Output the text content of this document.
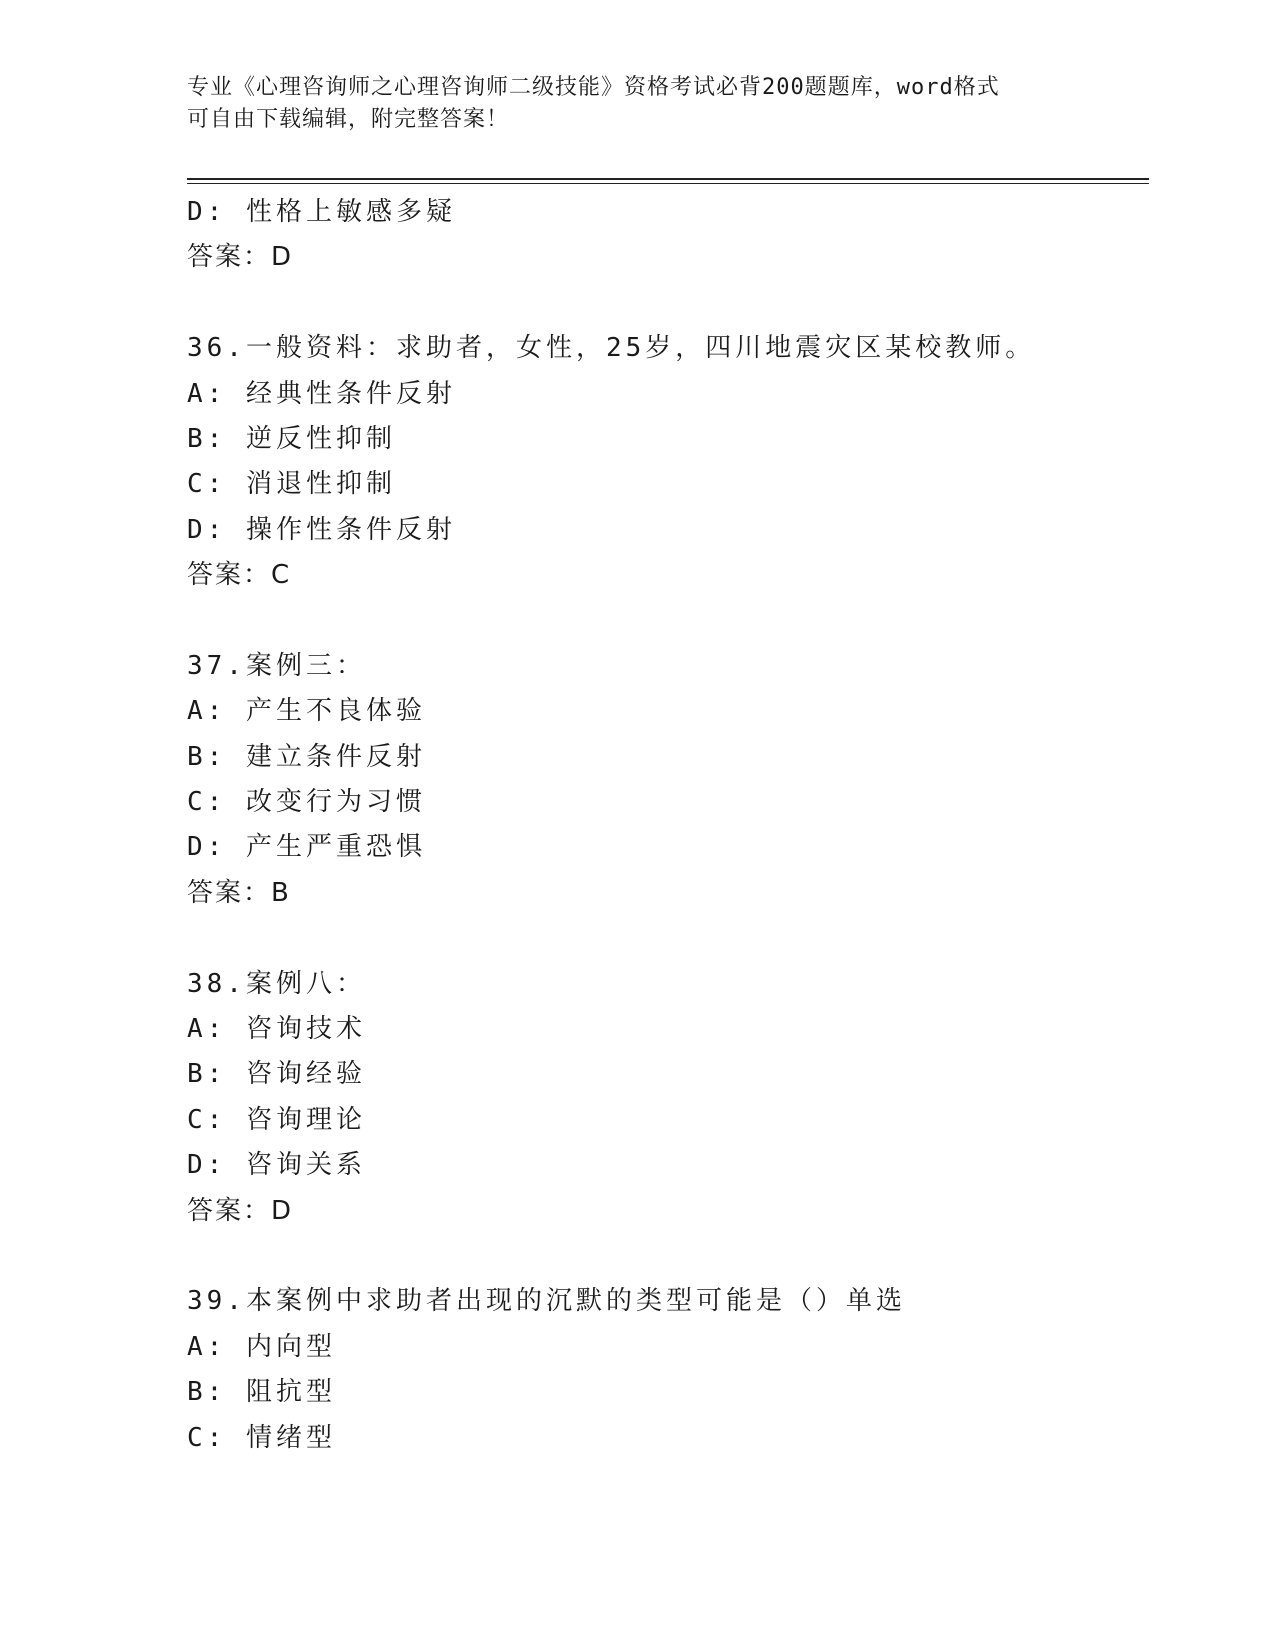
专业《心理咨询师之心理咨询师二级技能》资格考试必背200题题库，word格式
可自由下载编辑，附完整答案！
D: 性格上敏感多疑
答案：D
36.一般资料：求助者，女性，25岁，四川地震灾区某校教师。
A: 经典性条件反射
B: 逆反性抑制
C: 消退性抑制
D: 操作性条件反射
答案：C
37.案例三：
A: 产生不良体验
B: 建立条件反射
C: 改变行为习惯
D: 产生严重恐惧
答案：B
38.案例八：
A: 咨询技术
B: 咨询经验
C: 咨询理论
D: 咨询关系
答案：D
39.本案例中求助者出现的沉默的类型可能是（）单选
A: 内向型
B: 阻抗型
C: 情绪型
